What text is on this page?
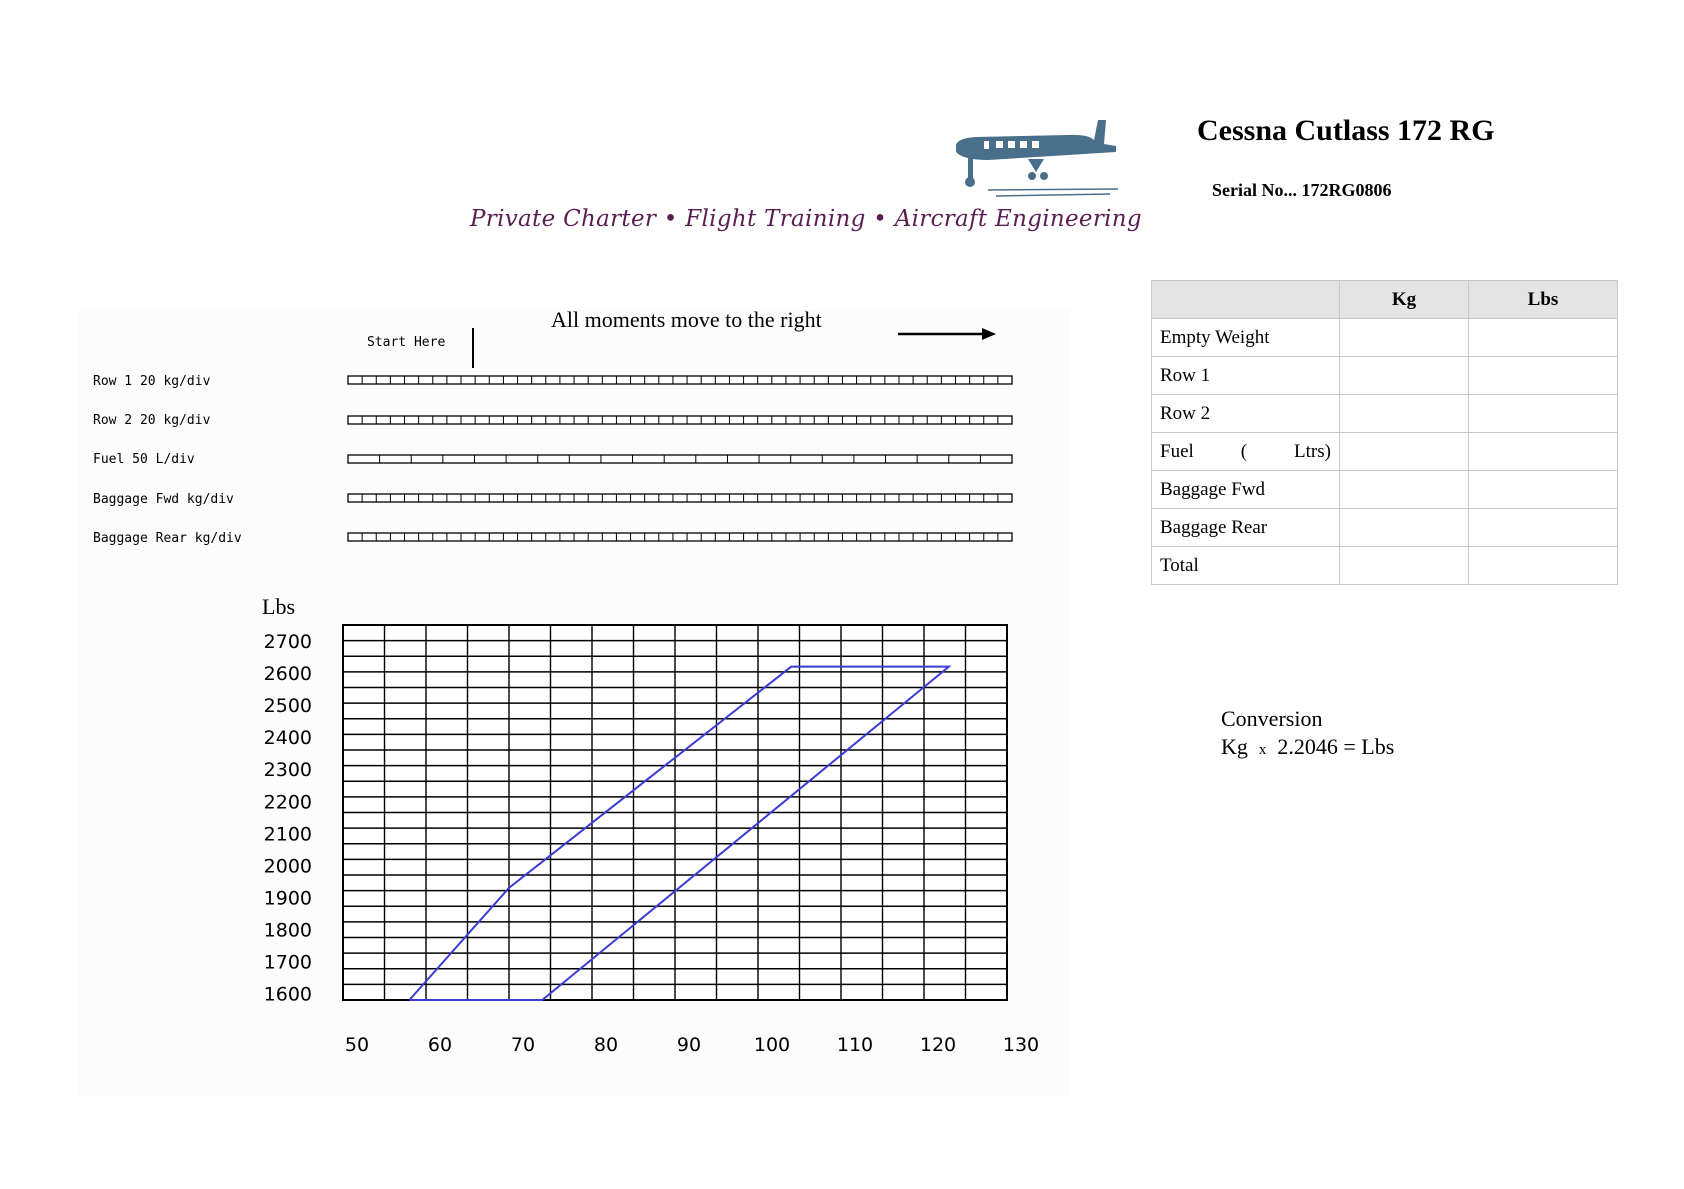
Private Charter • Flight Training • Aircraft Engineering
Cessna Cutlass 172 RG
Serial No... 172RG0806
All moments move to the right
Start Here
Row 1 20 kg/div
Row 2 20 kg/div
Fuel 50 L/div
Baggage Fwd kg/div
Baggage Rear kg/div
Lbs
2700
2600
2500
2400
2300
2200
2100
2000
1900
1800
1700
1600
50	60	70	80	90	100 110 120 130
	Kg	Lbs
Empty Weight		
Row 1		
Row 2		

Fuel ( Ltrs)		

Baggage Fwd		
Baggage Rear		
Total		
Conversion
Kg x 2.2046 = Lbs
